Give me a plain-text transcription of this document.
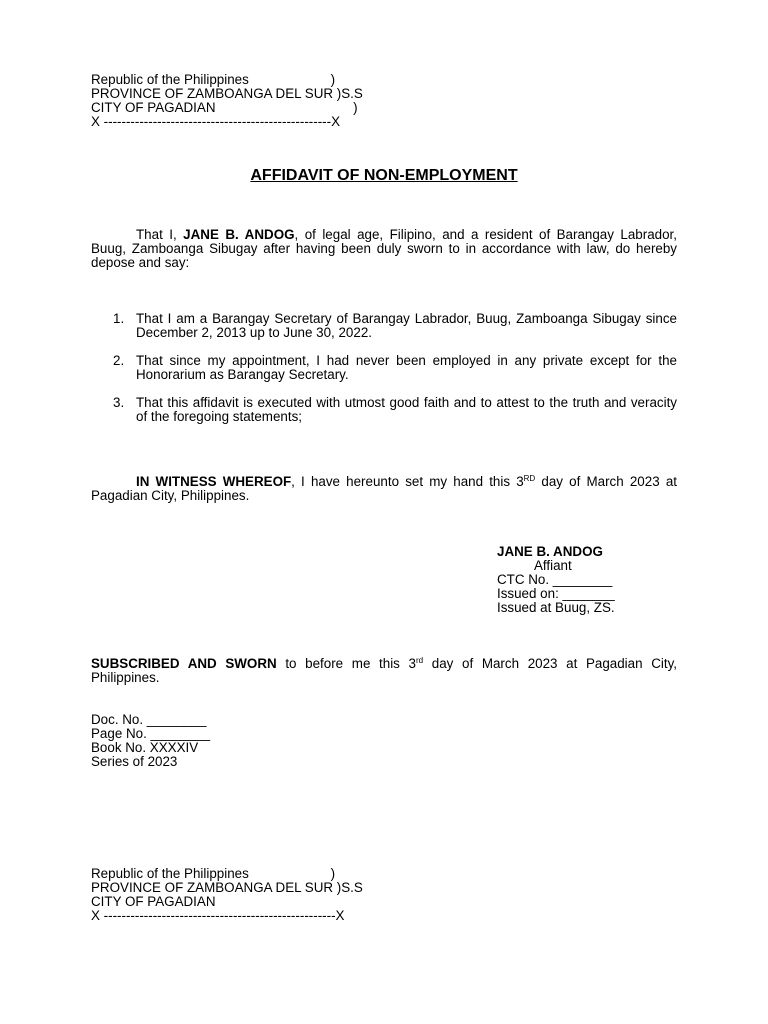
Republic of the Philippines                      )
PROVINCE OF ZAMBOANGA DEL SUR )S.S
CITY OF PAGADIAN                                     )
X ---------------------------------------------------X
AFFIDAVIT OF NON-EMPLOYMENT
That I, JANE B. ANDOG, of legal age, Filipino, and a resident of Barangay Labrador, Buug, Zamboanga Sibugay after having been duly sworn to in accordance with law, do hereby depose and say:
1. That I am a Barangay Secretary of Barangay Labrador, Buug, Zamboanga Sibugay since December 2, 2013 up to June 30, 2022.
2. That since my appointment, I had never been employed in any private except for the Honorarium as Barangay Secretary.
3. That this affidavit is executed with utmost good faith and to attest to the truth and veracity of the foregoing statements;
IN WITNESS WHEREOF, I have hereunto set my hand this 3RD day of March 2023 at Pagadian City, Philippines.
JANE B. ANDOG
Affiant
CTC No. ________
Issued on: _______
Issued at Buug, ZS.
SUBSCRIBED AND SWORN to before me this 3rd day of March 2023 at Pagadian City, Philippines.
Doc. No. ________
Page No. ________
Book No. XXXXIV
Series of 2023
Republic of the Philippines                      )
PROVINCE OF ZAMBOANGA DEL SUR )S.S
CITY OF PAGADIAN
X ----------------------------------------------------X
